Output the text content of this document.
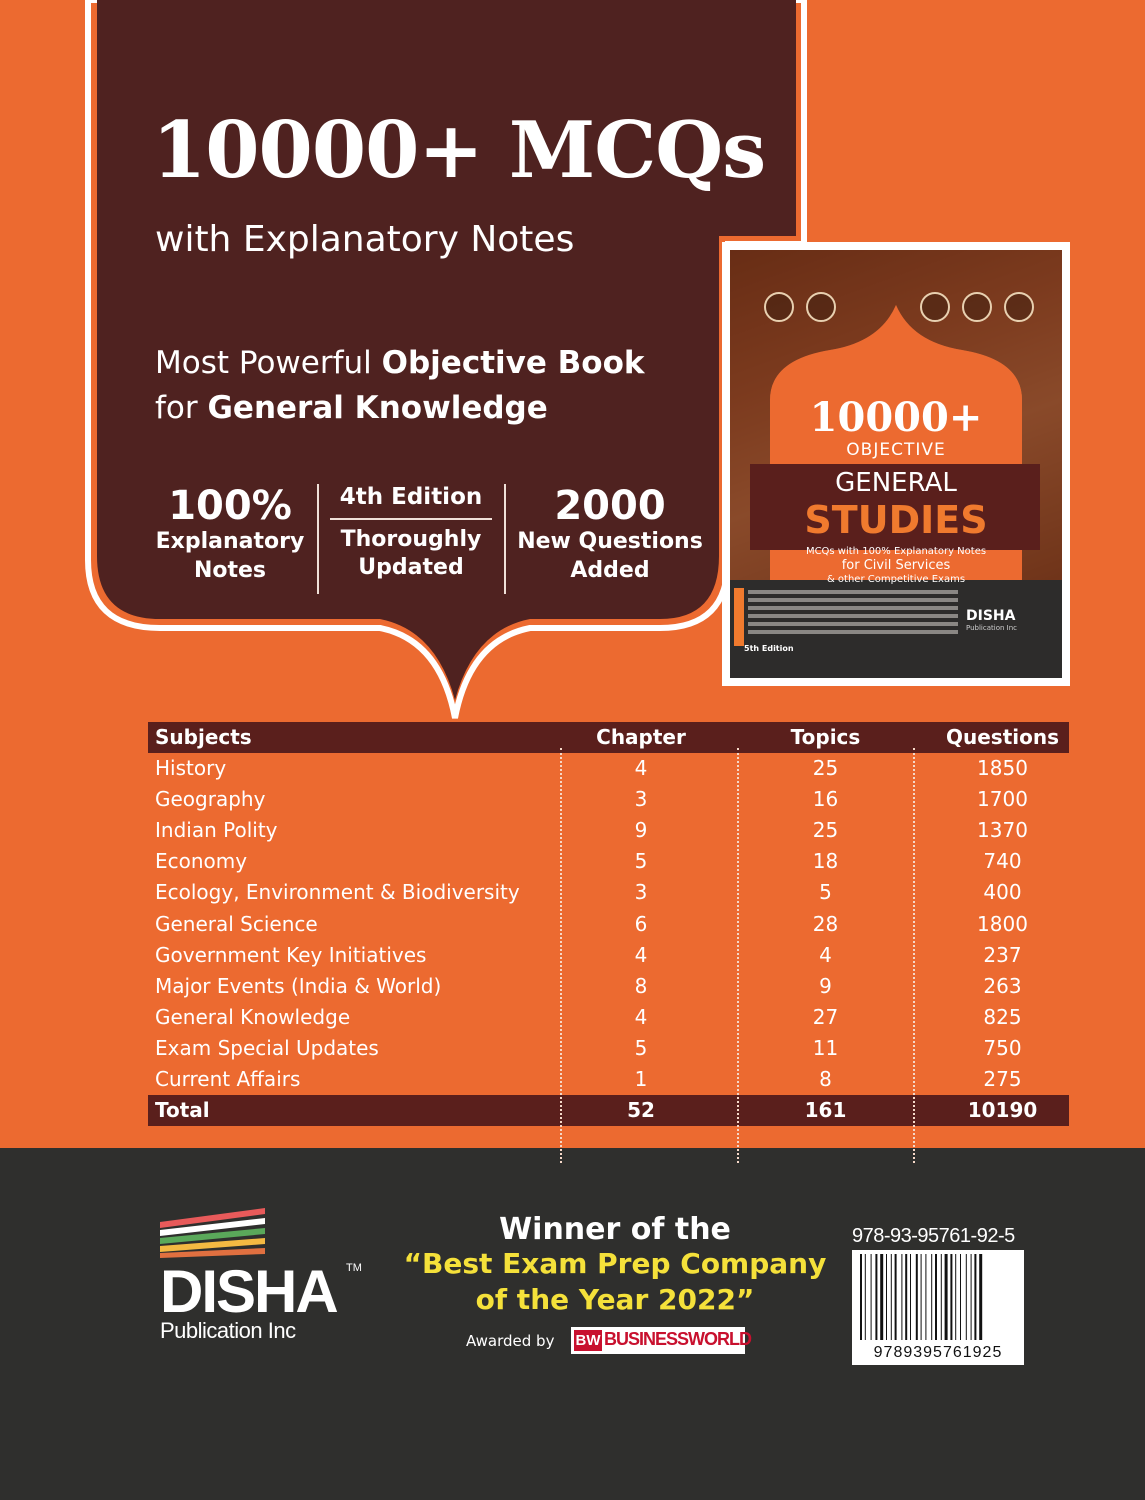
10000+ MCQs
with Explanatory Notes
Most Powerful Objective Book
for General Knowledge
100%
Explanatory
Notes
4th Edition
Thoroughly
Updated
2000
New Questions
Added
10000+
OBJECTIVE
GENERAL
STUDIES
MCQs with 100% Explanatory Notes
for Civil Services
& other Competitive Exams
5th Edition
DISHA
Publication Inc
Subjects	Chapter	Topics	Questions
History	4	25	1850
Geography	3	16	1700
Indian Polity	9	25	1370
Economy	5	18	740
Ecology, Environment & Biodiversity	3	5	400
General Science	6	28	1800
Government Key Initiatives	4	4	237
Major Events (India & World)	8	9	263
General Knowledge	4	27	825
Exam Special Updates	5	11	750
Current Affairs	1	8	275
Total	52	161	10190
DISHA TM
Publication Inc
Winner of the
“Best Exam Prep Company
of the Year 2022”
Awarded by BW BUSINESSWORLD
978-93-95761-92-5
9789395761925
